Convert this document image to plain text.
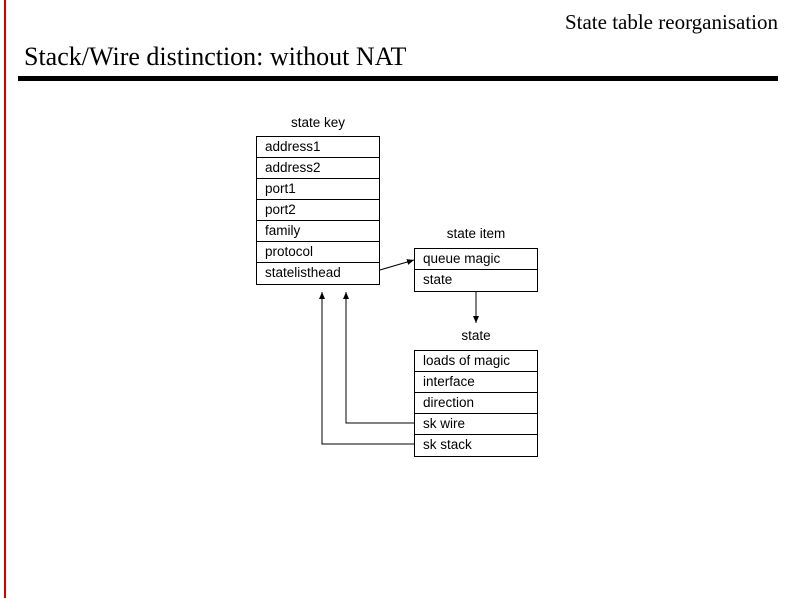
State table reorganisation
Stack/Wire distinction: without NAT
state key
address1
address2
port1
port2
family
protocol
statelisthead
state item
queue magic
state
state
loads of magic
interface
direction
sk wire
sk stack
